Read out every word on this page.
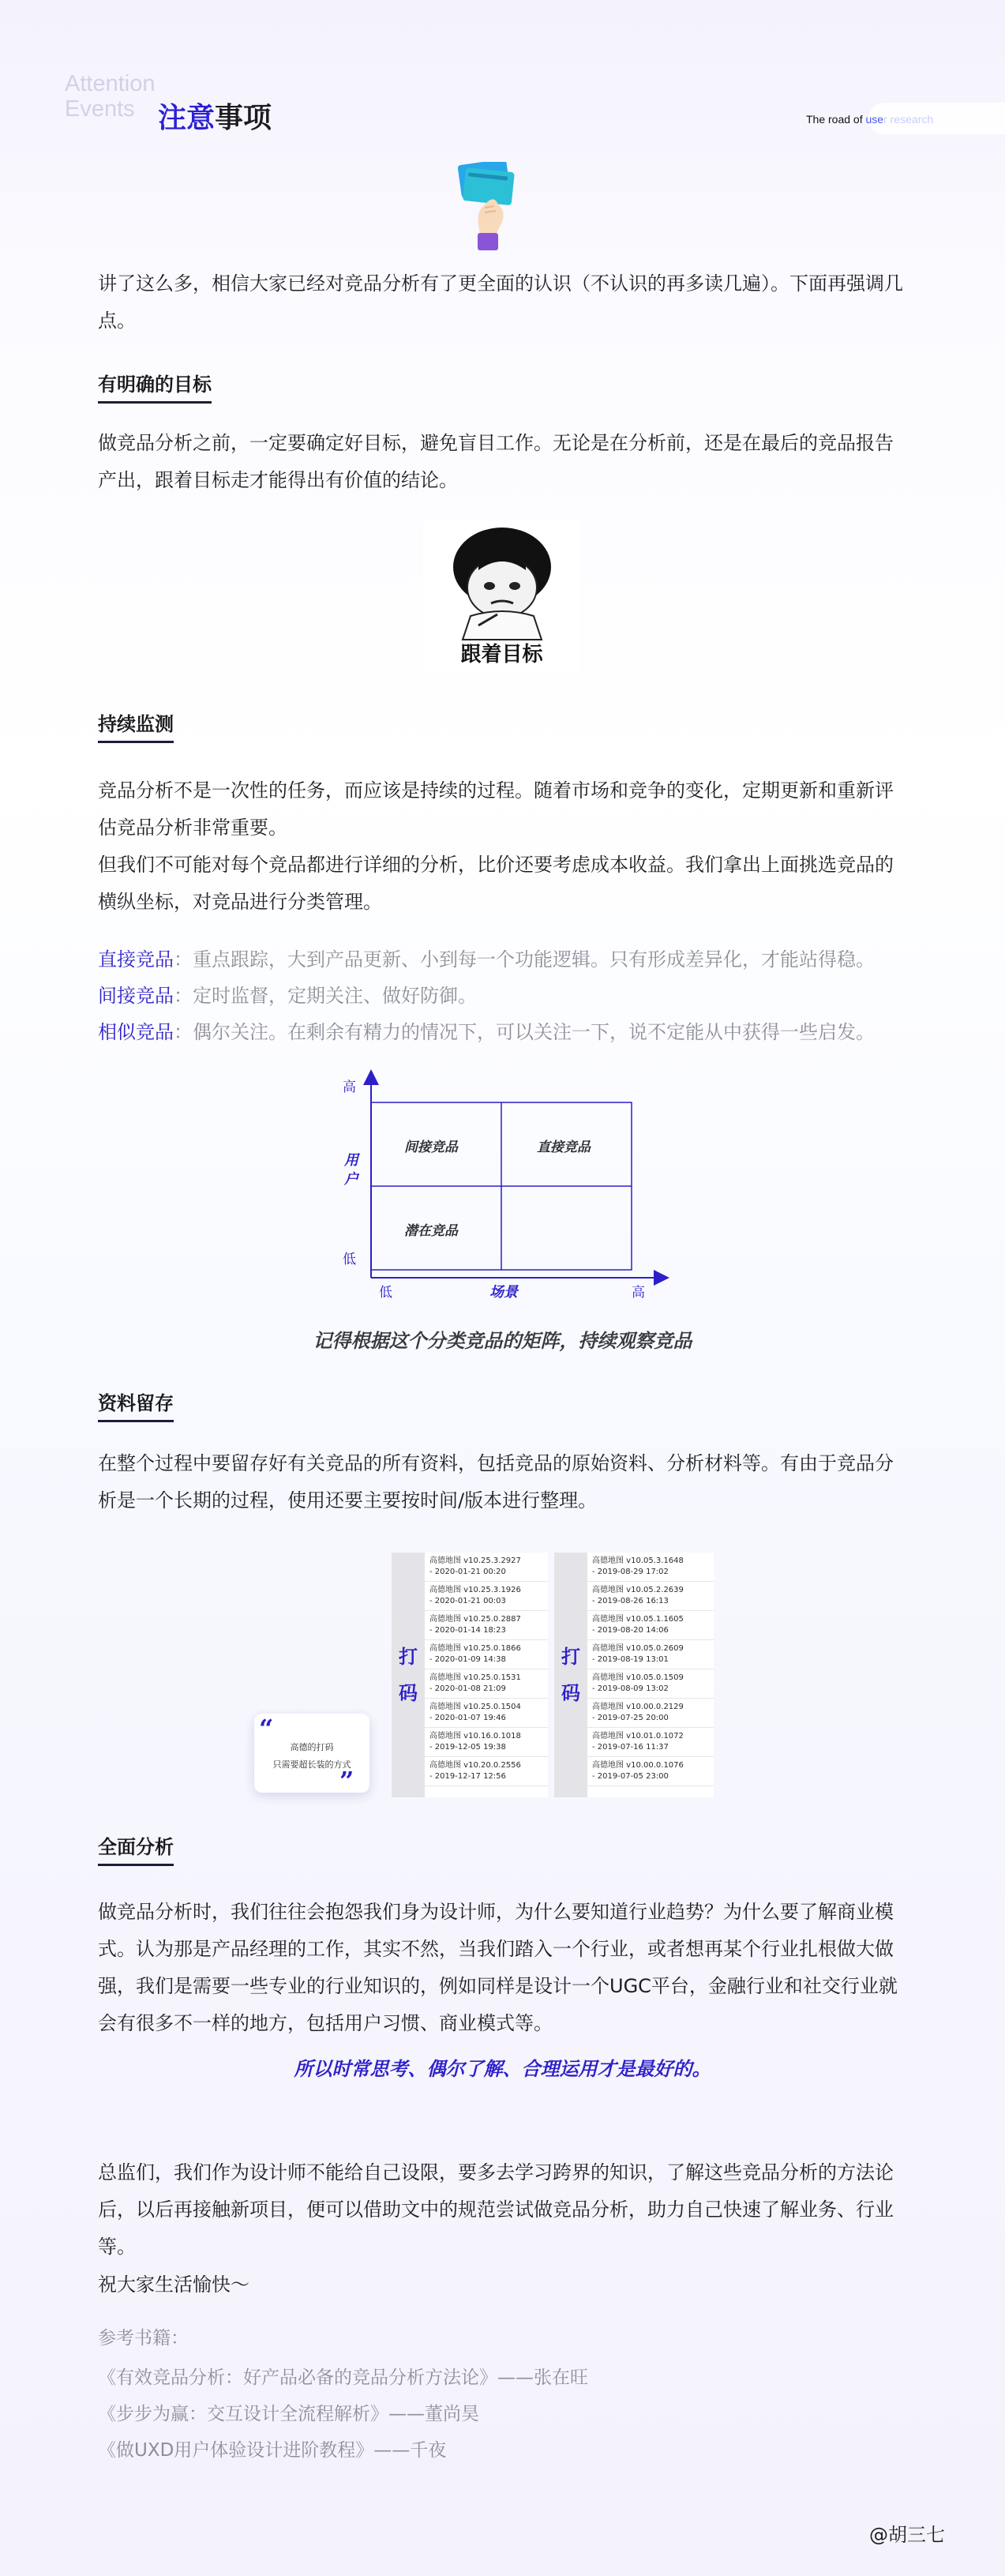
Attention
Events 注意事项	The road of user research
讲了这么多，相信大家已经对竞品分析有了更全面的认识（不认识的再多读几遍）。下面再强调几点。
有明确的目标
做竞品分析之前，一定要确定好目标，避免盲目工作。无论是在分析前，还是在最后的竞品报告产出，跟着目标走才能得出有价值的结论。
跟着目标
持续监测
竞品分析不是一次性的任务，而应该是持续的过程。随着市场和竞争的变化，定期更新和重新评估竞品分析非常重要。
但我们不可能对每个竞品都进行详细的分析，比价还要考虑成本收益。我们拿出上面挑选竞品的横纵坐标，对竞品进行分类管理。
直接竞品：重点跟踪，大到产品更新、小到每一个功能逻辑。只有形成差异化，才能站得稳。
间接竞品：定时监督，定期关注、做好防御。
相似竞品：偶尔关注。在剩余有精力的情况下，可以关注一下，说不定能从中获得一些启发。
高
低
用户
低	场景	高
间接竞品	直接竞品
潜在竞品
记得根据这个分类竞品的矩阵，持续观察竞品
资料留存
在整个过程中要留存好有关竞品的所有资料，包括竞品的原始资料、分析材料等。有由于竞品分析是一个长期的过程，使用还要主要按时间/版本进行整理。
“
高德的打码
只需要超长装的方式
”
打码
高德地图 v10.25.3.2927
- 2020-01-21 00:20
高德地图 v10.25.3.1926
- 2020-01-21 00:03
高德地图 v10.25.0.2887
- 2020-01-14 18:23
高德地图 v10.25.0.1866
- 2020-01-09 14:38
高德地图 v10.25.0.1531
- 2020-01-08 21:09
高德地图 v10.25.0.1504
- 2020-01-07 19:46
高德地图 v10.16.0.1018
- 2019-12-05 19:38
高德地图 v10.20.0.2556
- 2019-12-17 12:56
打码
高德地图 v10.05.3.1648
- 2019-08-29 17:02
高德地图 v10.05.2.2639
- 2019-08-26 16:13
高德地图 v10.05.1.1605
- 2019-08-20 14:06
高德地图 v10.05.0.2609
- 2019-08-19 13:01
高德地图 v10.05.0.1509
- 2019-08-09 13:02
高德地图 v10.00.0.2129
- 2019-07-25 20:00
高德地图 v10.01.0.1072
- 2019-07-16 11:37
高德地图 v10.00.0.1076
- 2019-07-05 23:00
全面分析
做竞品分析时，我们往往会抱怨我们身为设计师，为什么要知道行业趋势？为什么要了解商业模式。认为那是产品经理的工作，其实不然，当我们踏入一个行业，或者想再某个行业扎根做大做强，我们是需要一些专业的行业知识的，例如同样是设计一个UGC平台，金融行业和社交行业就会有很多不一样的地方，包括用户习惯、商业模式等。
所以时常思考、偶尔了解、合理运用才是最好的。
总监们，我们作为设计师不能给自己设限，要多去学习跨界的知识，了解这些竞品分析的方法论后，以后再接触新项目，便可以借助文中的规范尝试做竞品分析，助力自己快速了解业务、行业等。
祝大家生活愉快～
参考书籍：
《有效竞品分析：好产品必备的竞品分析方法论》——张在旺
《步步为赢：交互设计全流程解析》——董尚昊
《做UXD用户体验设计进阶教程》——千夜
@胡三七
